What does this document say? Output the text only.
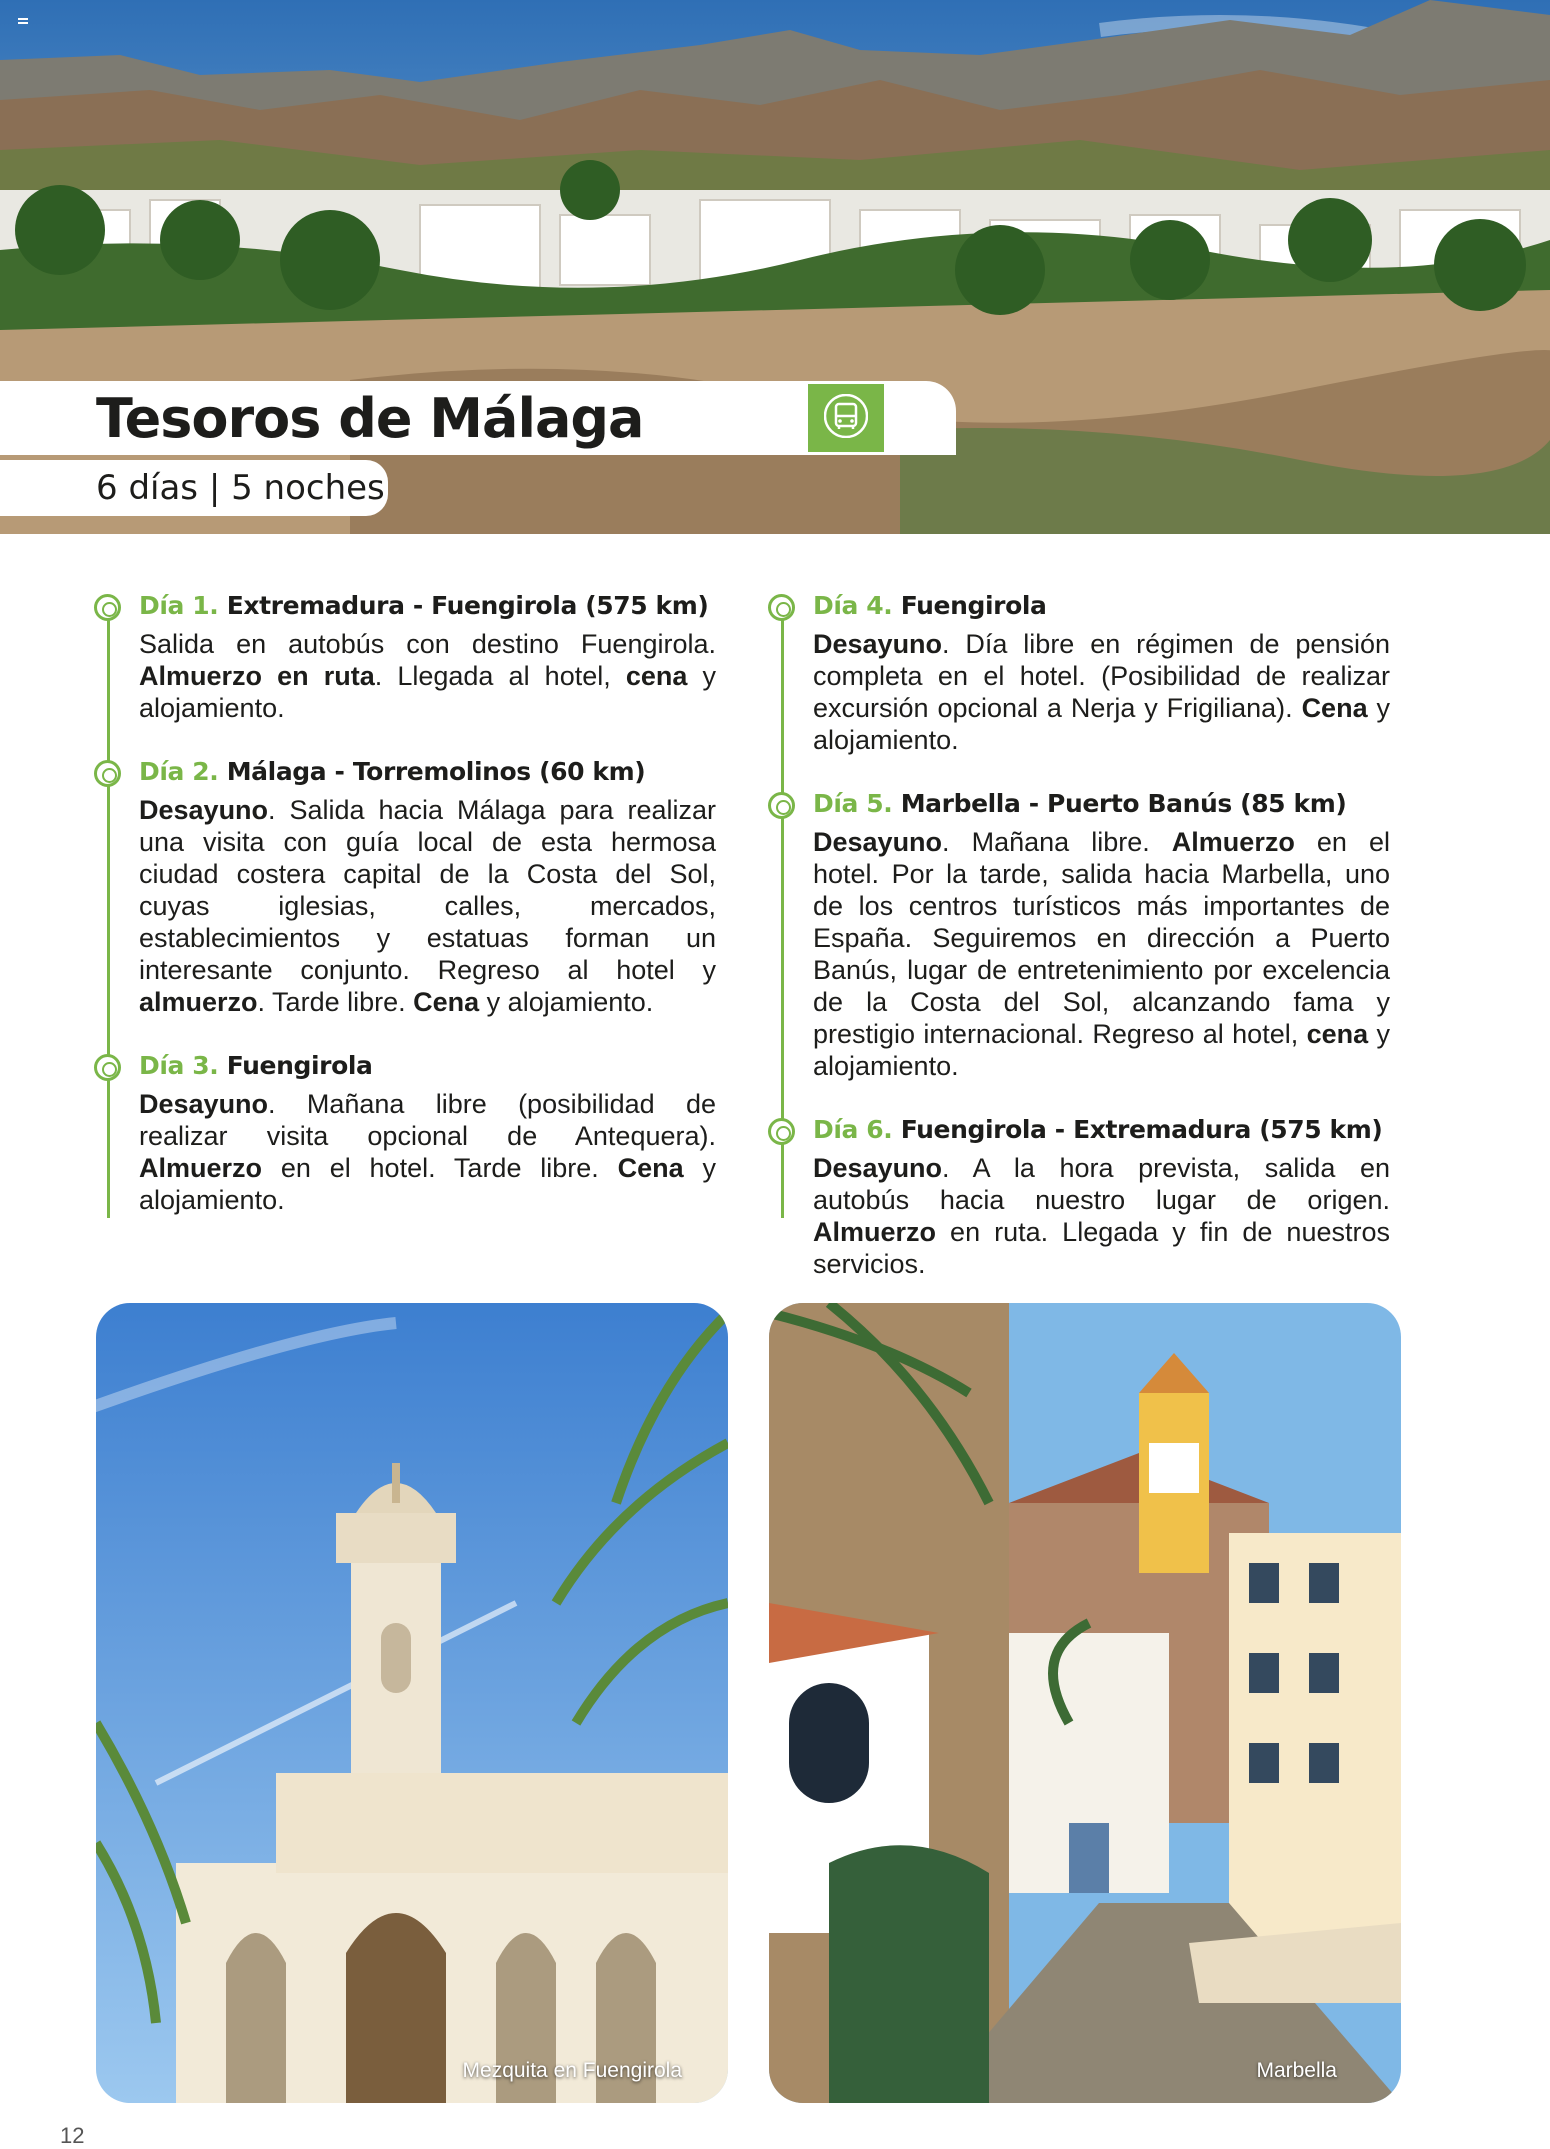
Tesoros de Málaga
6 días | 5 noches
Día 1. Extremadura - Fuengirola (575 km)

Salida en autobús con destino Fuengirola. Almuerzo en ruta. Llegada al hotel, cena y alojamiento.

Día 2. Málaga - Torremolinos (60 km)

Desayuno. Salida hacia Málaga para realizar una visita con guía local de esta hermosa ciudad costera capital de la Costa del Sol, cuyas iglesias, calles, mercados, establecimientos y estatuas forman un interesante conjunto. Regreso al hotel y almuerzo. Tarde libre. Cena y alojamiento.

Día 3. Fuengirola

Desayuno. Mañana libre (posibilidad de realizar visita opcional de Antequera). Almuerzo en el hotel. Tarde libre. Cena y alojamiento.

Día 4. Fuengirola

Desayuno. Día libre en régimen de pensión completa en el hotel. (Posibilidad de realizar excursión opcional a Nerja y Frigiliana). Cena y alojamiento.

Día 5. Marbella - Puerto Banús (85 km)

Desayuno. Mañana libre. Almuerzo en el hotel. Por la tarde, salida hacia Marbella, uno de los centros turísticos más importantes de España. Seguiremos en dirección a Puerto Banús, lugar de entretenimiento por excelencia de la Costa del Sol, alcanzando fama y prestigio internacional. Regreso al hotel, cena y alojamiento.

Día 6. Fuengirola - Extremadura (575 km)

Desayuno. A la hora prevista, salida en autobús hacia nuestro lugar de origen. Almuerzo en ruta. Llegada y fin de nuestros servicios.

Mezquita en Fuengirola	Marbella
12
